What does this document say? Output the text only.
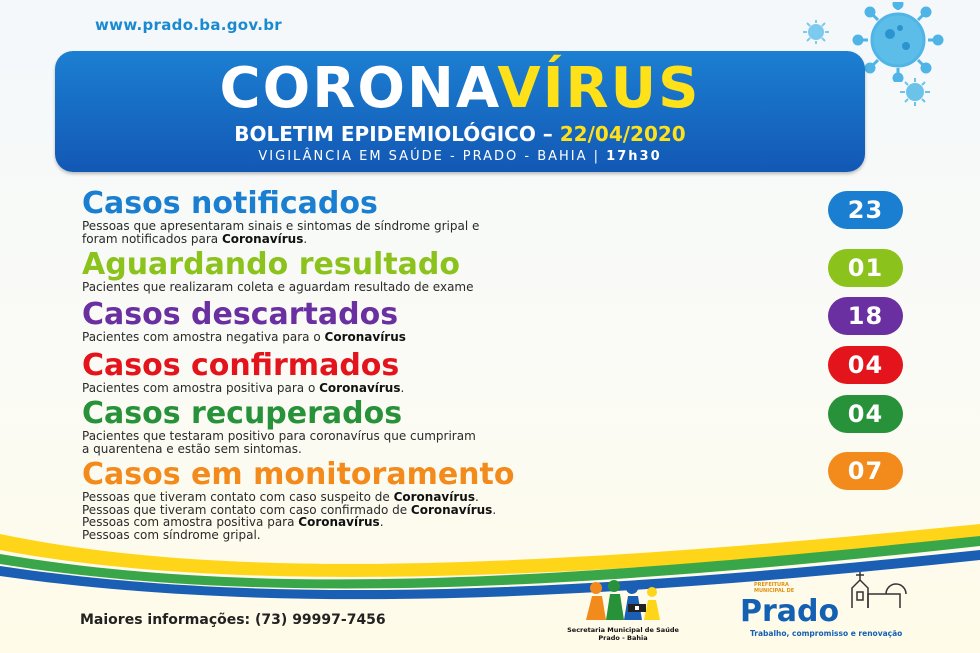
www.prado.ba.gov.br
CORONAVÍRUS
BOLETIM EPIDEMIOLÓGICO – 22/04/2020
VIGILÂNCIA EM SAÚDE - PRADO - BAHIA | 17h30
Casos notificados
Pessoas que apresentaram sinais e sintomas de síndrome gripal e
foram notificados para Coronavírus.
Aguardando resultado
Pacientes que realizaram coleta e aguardam resultado de exame
Casos descartados
Pacientes com amostra negativa para o Coronavírus
Casos confirmados
Pacientes com amostra positiva para o Coronavírus.
Casos recuperados
Pacientes que testaram positivo para coronavírus que cumpriram
a quarentena e estão sem sintomas.
Casos em monitoramento
Pessoas que tiveram contato com caso suspeito de Coronavírus.
Pessoas que tiveram contato com caso confirmado de Coronavírus.
Pessoas com amostra positiva para Coronavírus.
Pessoas com síndrome gripal.
23
01
18
04
04
07
Maiores informações: (73) 99997-7456
Secretaria Municipal de Saúde
Prado - Bahia
PREFEITURA
MUNICIPAL DE
Prado
Trabalho, compromisso e renovação
